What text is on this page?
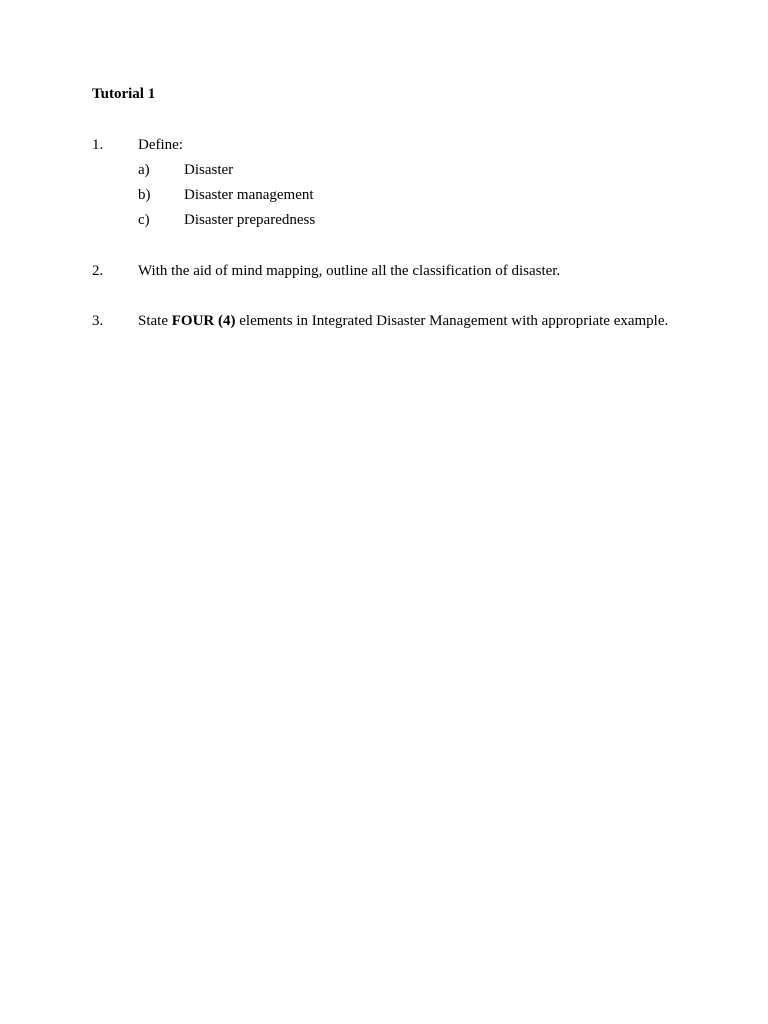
Tutorial 1
1. Define:
a) Disaster
b) Disaster management
c) Disaster preparedness
2. With the aid of mind mapping, outline all the classification of disaster.
3. State FOUR (4) elements in Integrated Disaster Management with appropriate example.
